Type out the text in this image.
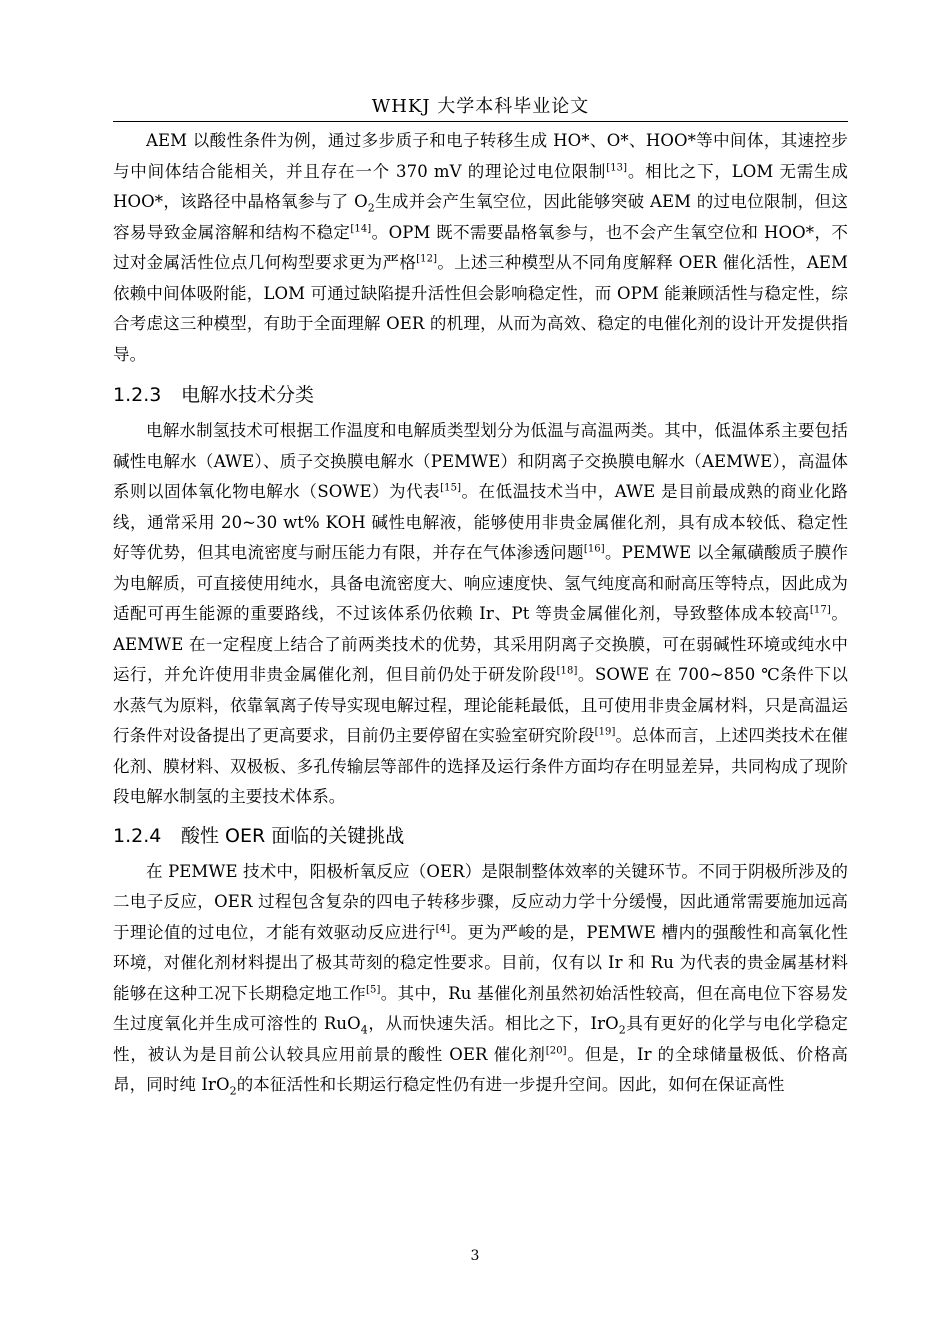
WHKJ 大学本科毕业论文

AEM 以酸性条件为例，通过多步质子和电子转移生成 HO*、O*、HOO*等中间体，其速控步与中间体结合能相关，并且存在一个 370 mV 的理论过电位限制[13]。相比之下，LOM 无需生成 HOO*，该路径中晶格氧参与了 $O_2$生成并会产生氧空位，因此能够突破 AEM 的过电位限制，但这容易导致金属溶解和结构不稳定[14]。OPM 既不需要晶格氧参与，也不会产生氧空位和 HOO*，不过对金属活性位点几何构型要求更为严格[12]。上述三种模型从不同角度解释 OER 催化活性，AEM 依赖中间体吸附能，LOM 可通过缺陷提升活性但会影响稳定性，而 OPM 能兼顾活性与稳定性，综合考虑这三种模型，有助于全面理解 OER 的机理，从而为高效、稳定的电催化剂的设计开发提供指导。

1.2.3 电解水技术分类

电解水制氢技术可根据工作温度和电解质类型划分为低温与高温两类。其中，低温体系主要包括碱性电解水（AWE）、质子交换膜电解水（PEMWE）和阴离子交换膜电解水（AEMWE），高温体系则以固体氧化物电解水（SOWE）为代表[15]。在低温技术当中，AWE 是目前最成熟的商业化路线，通常采用 20~30 wt% KOH 碱性电解液，能够使用非贵金属催化剂，具有成本较低、稳定性好等优势，但其电流密度与耐压能力有限，并存在气体渗透问题[16]。PEMWE 以全氟磺酸质子膜作为电解质，可直接使用纯水，具备电流密度大、响应速度快、氢气纯度高和耐高压等特点，因此成为适配可再生能源的重要路线，不过该体系仍依赖 Ir、Pt 等贵金属催化剂，导致整体成本较高[17]。AEMWE 在一定程度上结合了前两类技术的优势，其采用阴离子交换膜，可在弱碱性环境或纯水中运行，并允许使用非贵金属催化剂，但目前仍处于研发阶段[18]。SOWE 在 700~850 ℃条件下以水蒸气为原料，依靠氧离子传导实现电解过程，理论能耗最低，且可使用非贵金属材料，只是高温运行条件对设备提出了更高要求，目前仍主要停留在实验室研究阶段[19]。总体而言，上述四类技术在催化剂、膜材料、双极板、多孔传输层等部件的选择及运行条件方面均存在明显差异，共同构成了现阶段电解水制氢的主要技术体系。

1.2.4 酸性 OER 面临的关键挑战

在 PEMWE 技术中，阳极析氧反应（OER）是限制整体效率的关键环节。不同于阴极所涉及的二电子反应，OER 过程包含复杂的四电子转移步骤，反应动力学十分缓慢，因此通常需要施加远高于理论值的过电位，才能有效驱动反应进行[4]。更为严峻的是，PEMWE 槽内的强酸性和高氧化性环境，对催化剂材料提出了极其苛刻的稳定性要求。目前，仅有以 Ir 和 Ru 为代表的贵金属基材料能够在这种工况下长期稳定地工作[5]。其中，Ru 基催化剂虽然初始活性较高，但在高电位下容易发生过度氧化并生成可溶性的 RuO$_4$，从而快速失活。相比之下，IrO$_2$具有更好的化学与电化学稳定性，被认为是目前公认较具应用前景的酸性 OER 催化剂[20]。但是，Ir 的全球储量极低、价格高昂，同时纯 IrO$_2$的本征活性和长期运行稳定性仍有进一步提升空间。因此，如何在保证高性

3
